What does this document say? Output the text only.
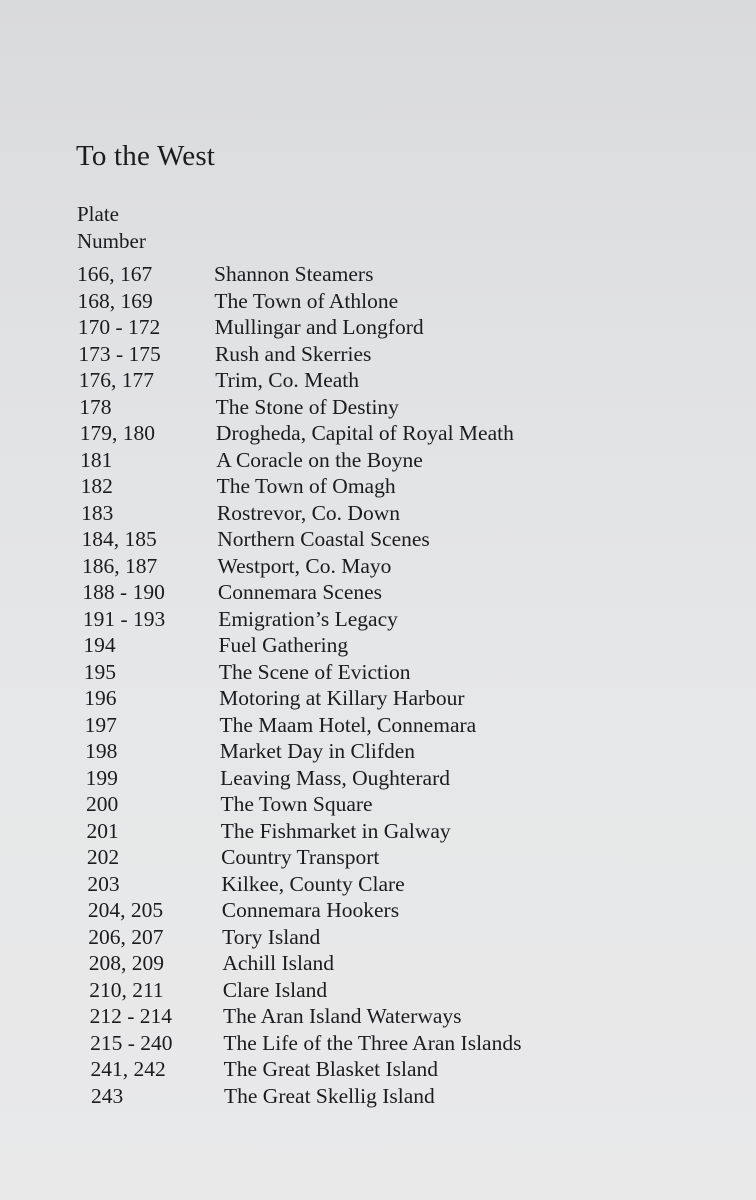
To the West
Plate
Number
166, 167	Shannon Steamers
168, 169	The Town of Athlone
170 - 172	Mullingar and Longford
173 - 175	Rush and Skerries
176, 177	Trim, Co. Meath
178	The Stone of Destiny
179, 180	Drogheda, Capital of Royal Meath
181	A Coracle on the Boyne
182	The Town of Omagh
183	Rostrevor, Co. Down
184, 185	Northern Coastal Scenes
186, 187	Westport, Co. Mayo
188 - 190 Connemara Scenes
191 - 193 Emigration’s Legacy
194	Fuel Gathering
195	The Scene of Eviction
196	Motoring at Killary Harbour
197	The Maam Hotel, Connemara
198	Market Day in Clifden
199	Leaving Mass, Oughterard
200	The Town Square
201	The Fishmarket in Galway
202	Country Transport
203	Kilkee, County Clare
204, 205	Connemara Hookers
206, 207	Tory Island
208, 209	Achill Island
210, 211	Clare Island
212 - 214 The Aran Island Waterways
215 - 240 The Life of the Three Aran Islands
241, 242	The Great Blasket Island
243	The Great Skellig Island
